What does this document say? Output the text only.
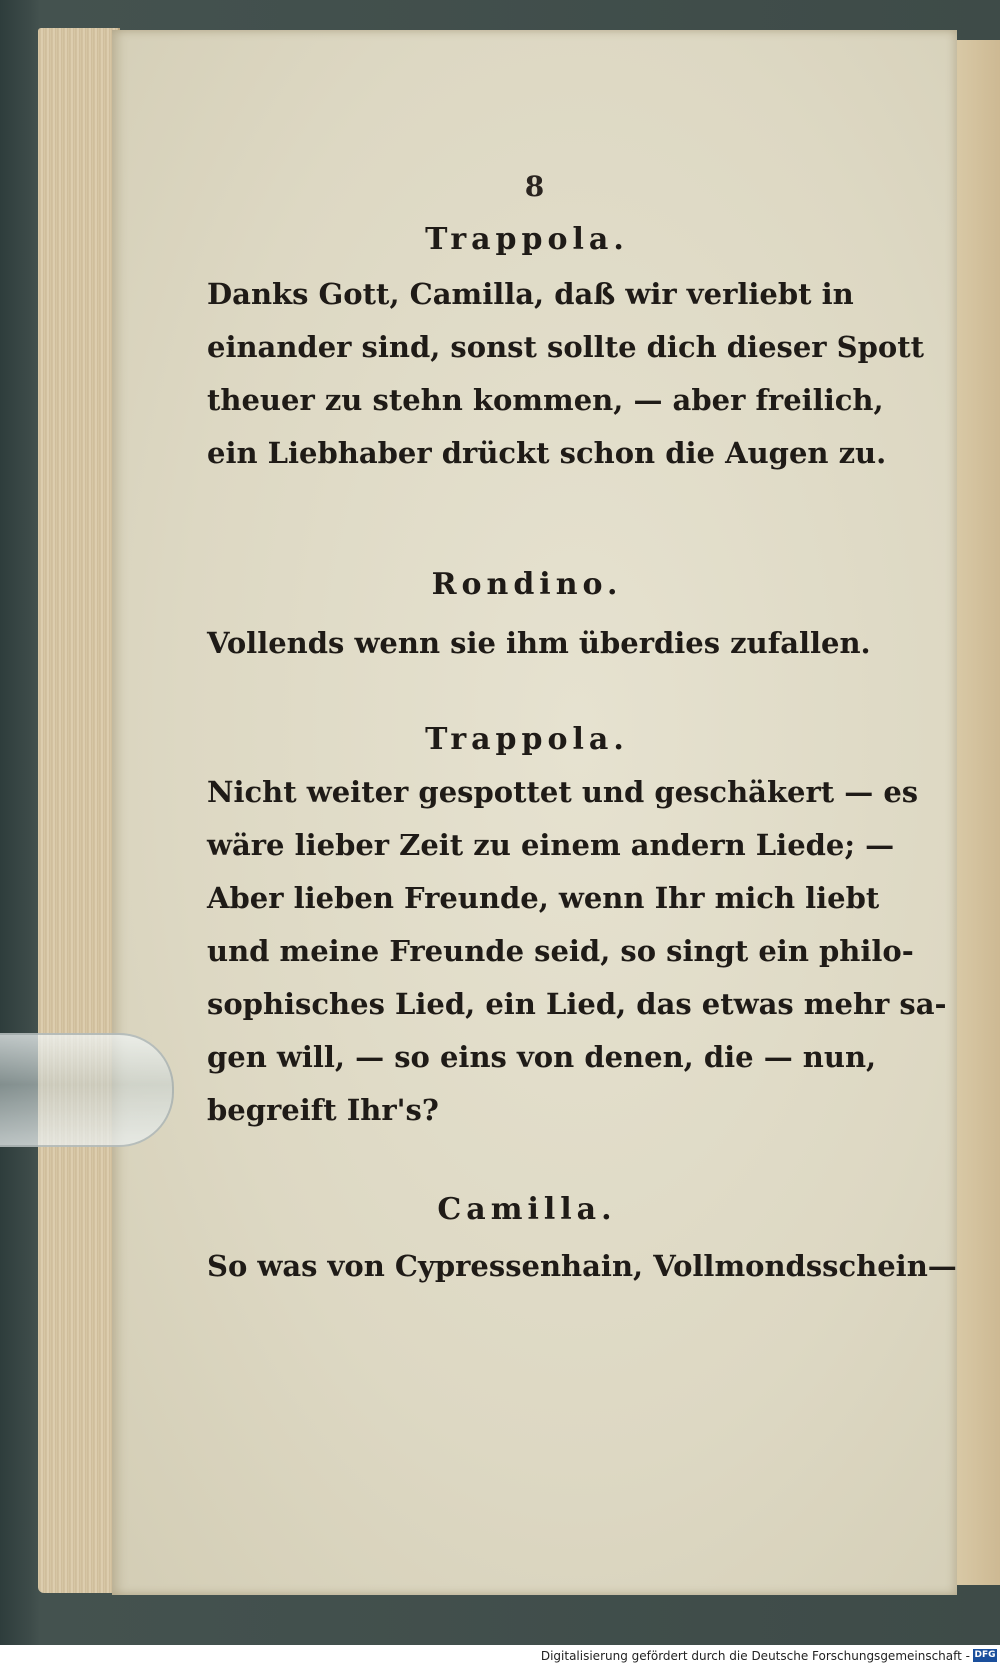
8

Trappola.

Danks Gott, Camilla, daß wir verliebt in

einander sind, sonst sollte dich dieser Spott

theuer zu stehn kommen, — aber freilich,

ein Liebhaber drückt schon die Augen zu.

Rondino.

Vollends wenn sie ihm überdies zufallen.

Trappola.

Nicht weiter gespottet und geschäkert — es

wäre lieber Zeit zu einem andern Liede; —

Aber lieben Freunde, wenn Ihr mich liebt

und meine Freunde seid, so singt ein philo-

sophisches Lied, ein Lied, das etwas mehr sa-

gen will, — so eins von denen, die — nun,

begreift Ihr's?

Camilla.

So was von Cypressenhain, Vollmondsschein—

Digitalisierung gefördert durch die Deutsche Forschungsgemeinschaft - DFG
